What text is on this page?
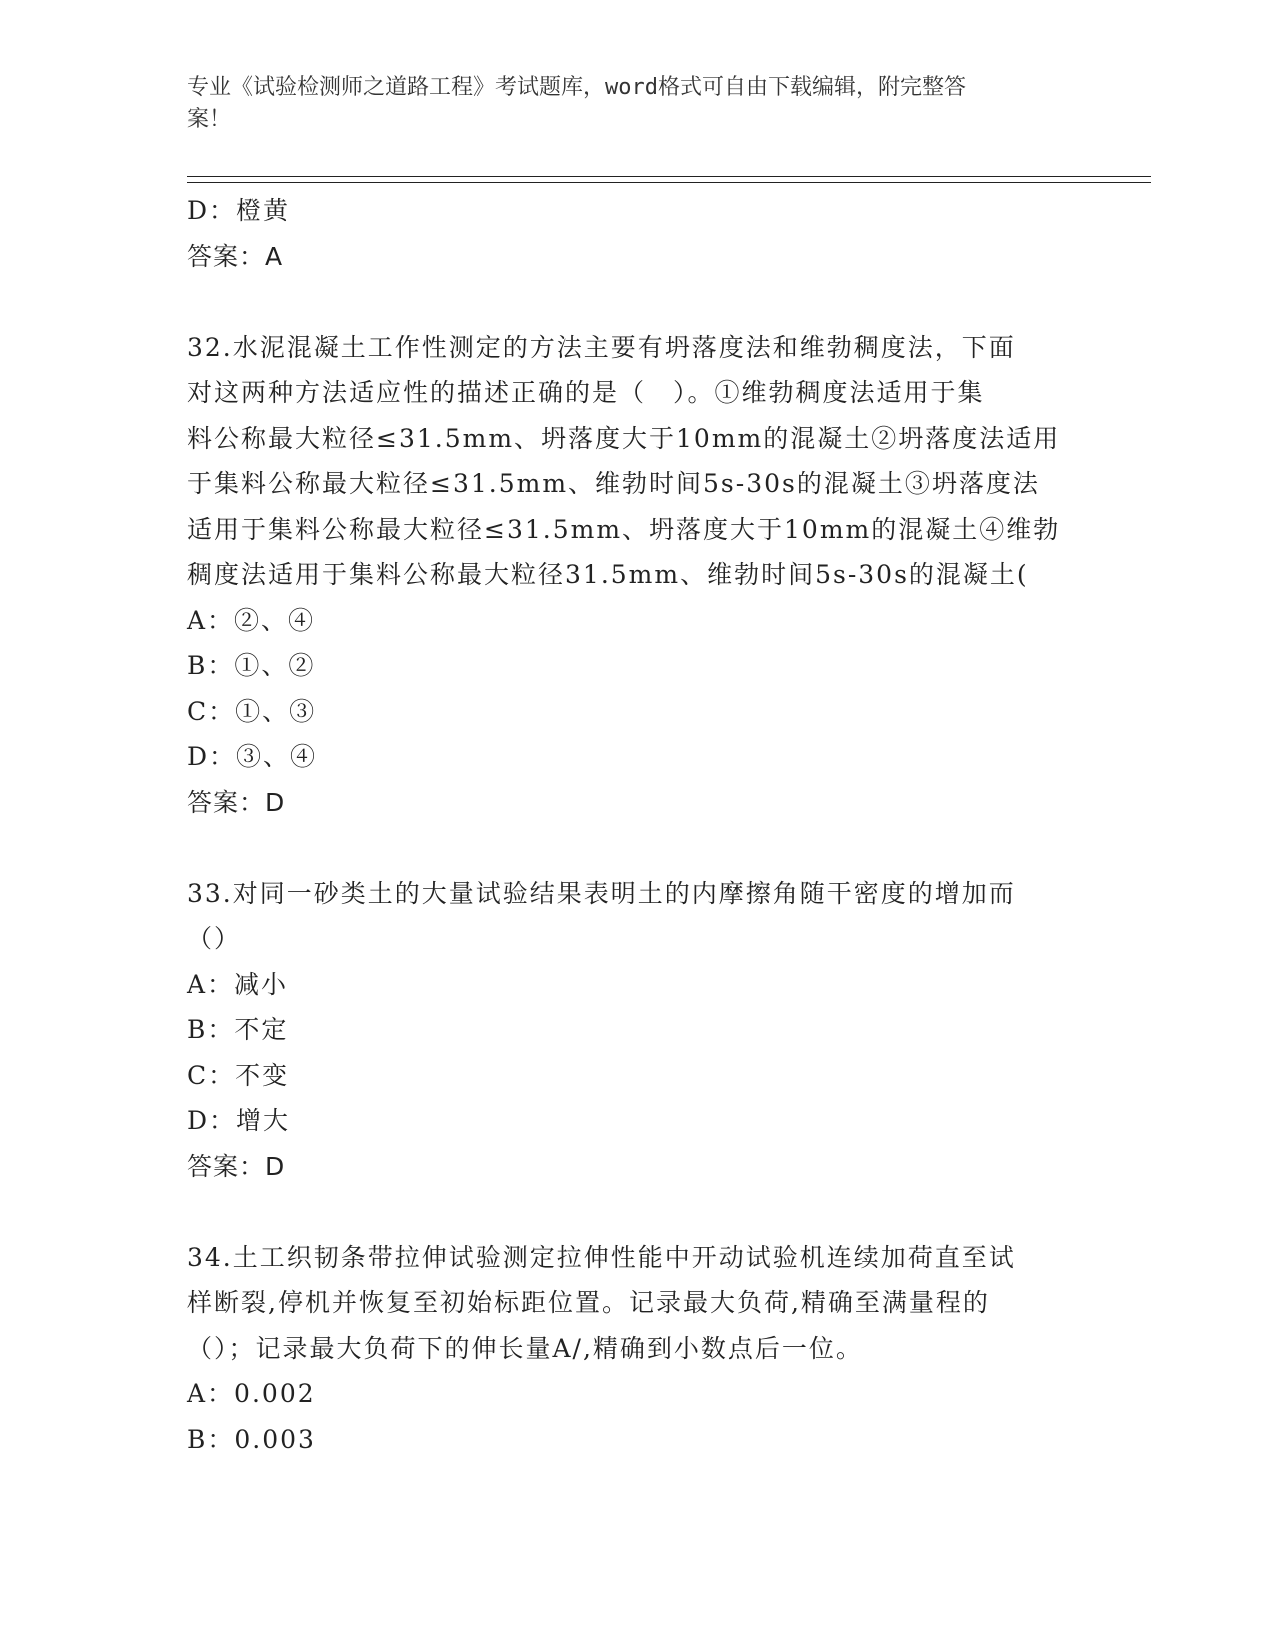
专业《试验检测师之道路工程》考试题库，word格式可自由下载编辑，附完整答
案！
D：橙黄
答案：A
32.水泥混凝土工作性测定的方法主要有坍落度法和维勃稠度法，下面
对这两种方法适应性的描述正确的是（　）。①维勃稠度法适用于集
料公称最大粒径≤31.5mm、坍落度大于10mm的混凝土②坍落度法适用
于集料公称最大粒径≤31.5mm、维勃时间5s-30s的混凝土③坍落度法
适用于集料公称最大粒径≤31.5mm、坍落度大于10mm的混凝土④维勃
稠度法适用于集料公称最大粒径31.5mm、维勃时间5s-30s的混凝土(
A：②、④
B：①、②
C：①、③
D：③、④
答案：D
33.对同一砂类土的大量试验结果表明土的内摩擦角随干密度的增加而
（）
A：减小
B：不定
C：不变
D：增大
答案：D
34.土工织韧条带拉伸试验测定拉伸性能中开动试验机连续加荷直至试
样断裂,停机并恢复至初始标距位置。记录最大负荷,精确至满量程的
（）；记录最大负荷下的伸长量A/,精确到小数点后一位。
A：0.002
B：0.003
